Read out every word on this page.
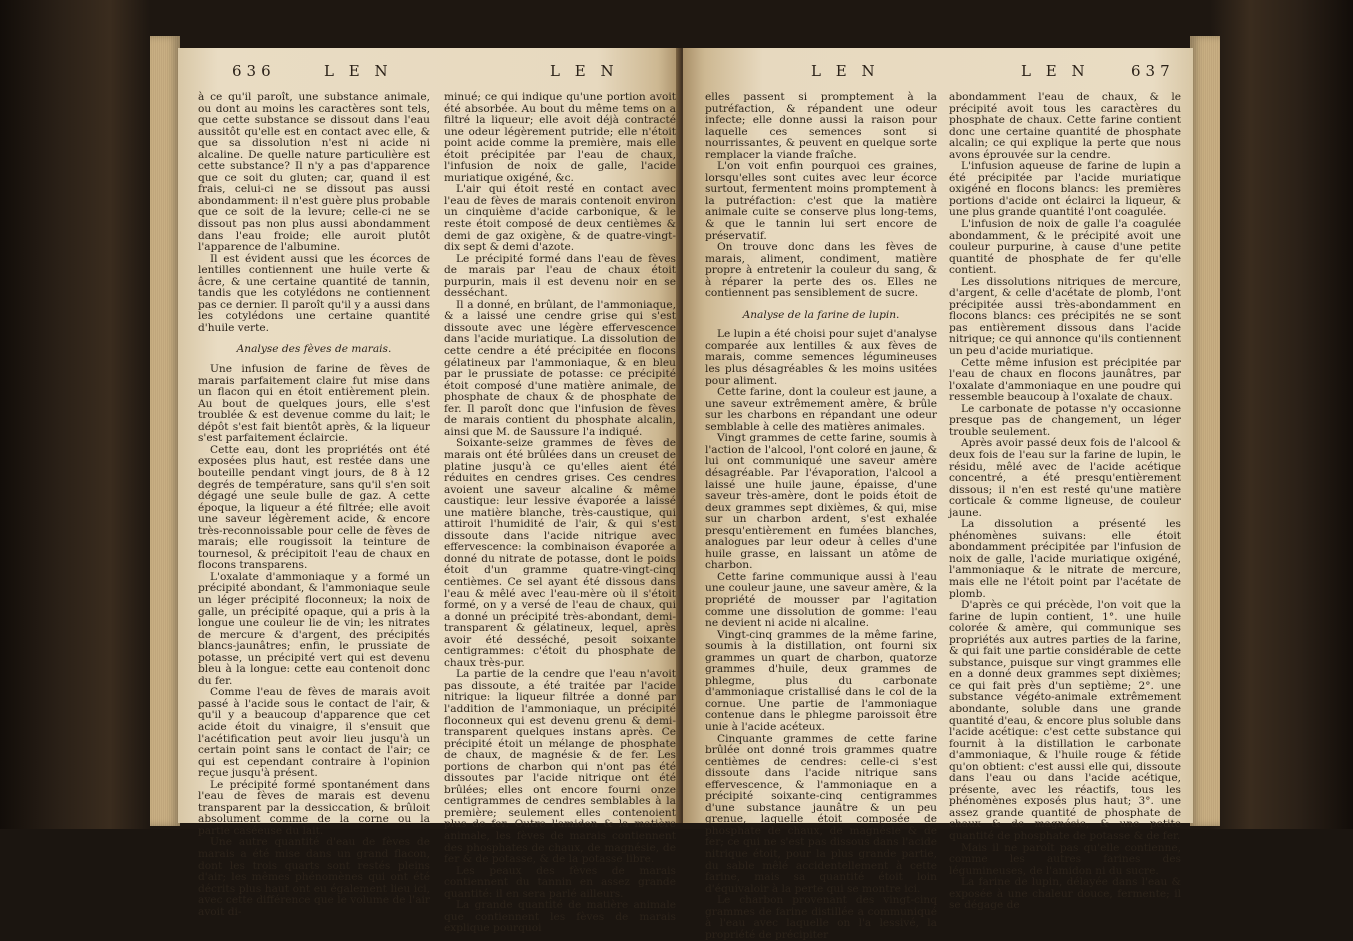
636	L E N	L E N

à ce qu'il paroît, une substance animale, ou dont au moins les caractères sont tels, que cette substance se dissout dans l'eau aussitôt qu'elle est en contact avec elle, & que sa dissolution n'est ni acide ni alcaline. De quelle nature particulière est cette substance? Il n'y a pas d'apparence que ce soit du gluten; car, quand il est frais, celui-ci ne se dissout pas aussi abondamment: il n'est guère plus probable que ce soit de la levure; celle-ci ne se dissout pas non plus aussi abondamment dans l'eau froide; elle auroit plutôt l'apparence de l'albumine.

Il est évident aussi que les écorces de lentilles contiennent une huile verte & âcre, & une certaine quantité de tannin, tandis que les cotylédons ne contiennent pas ce dernier. Il paroît qu'il y a aussi dans les cotylédons une certaine quantité d'huile verte.

Analyse des fèves de marais.

Une infusion de farine de fèves de marais parfaitement claire fut mise dans un flacon qui en étoit entièrement plein. Au bout de quelques jours, elle s'est troublée & est devenue comme du lait; le dépôt s'est fait bientôt après, & la liqueur s'est parfaitement éclaircie.

Cette eau, dont les propriétés ont été exposées plus haut, est restée dans une bouteille pendant vingt jours, de 8 à 12 degrés de température, sans qu'il s'en soit dégagé une seule bulle de gaz. A cette époque, la liqueur a été filtrée; elle avoit une saveur légèrement acide, & encore très-reconnoissable pour celle de fèves de marais; elle rougissoit la teinture de tournesol, & précipitoit l'eau de chaux en flocons transparens.

L'oxalate d'ammoniaque y a formé un précipité abondant, & l'ammoniaque seule un léger précipité floconneux; la noix de galle, un précipité opaque, qui a pris à la longue une couleur lie de vin; les nitrates de mercure & d'argent, des précipités blancs-jaunâtres; enfin, le prussiate de potasse, un précipité vert qui est devenu bleu à la longue: cette eau contenoit donc du fer.

Comme l'eau de fèves de marais avoit passé à l'acide sous le contact de l'air, & qu'il y a beaucoup d'apparence que cet acide étoit du vinaigre, il s'ensuit que l'acétification peut avoir lieu jusqu'à un certain point sans le contact de l'air; ce qui est cependant contraire à l'opinion reçue jusqu'à présent.

Le précipité formé spontanément dans l'eau de fèves de marais est devenu transparent par la dessiccation, & brûloit absolument comme de la corne ou la partie caséeuse du lait.

Une autre quantité d'eau de fèves de marais a été mise dans un grand flacon, dont les trois quarts sont restés pleins d'air; les mêmes phénomènes qui ont été décrits plus haut ont eu également lieu ici, avec cette différence que le volume de l'air avoit di-

minué; ce qui indique qu'une portion avoit été absorbée. Au bout du même tems on a filtré la liqueur; elle avoit déjà contracté une odeur légèrement putride; elle n'étoit point acide comme la première, mais elle étoit précipitée par l'eau de chaux, l'infusion de noix de galle, l'acide muriatique oxigéné, &c.

L'air qui étoit resté en contact avec l'eau de fèves de marais contenoit environ un cinquième d'acide carbonique, & le reste étoit composé de deux centièmes & demi de gaz oxigène, & de quatre-vingt-dix sept & demi d'azote.

Le précipité formé dans l'eau de fèves de marais par l'eau de chaux étoit purpurin, mais il est devenu noir en se desséchant.

Il a donné, en brûlant, de l'ammoniaque, & a laissé une cendre grise qui s'est dissoute avec une légère effervescence dans l'acide muriatique. La dissolution de cette cendre a été précipitée en flocons gélatineux par l'ammoniaque, & en bleu par le prussiate de potasse: ce précipité étoit composé d'une matière animale, de phosphate de chaux & de phosphate de fer. Il paroît donc que l'infusion de fèves de marais contient du phosphate alcalin, ainsi que M. de Saussure l'a indiqué.

Soixante-seize grammes de fèves de marais ont été brûlées dans un creuset de platine jusqu'à ce qu'elles aient été réduites en cendres grises. Ces cendres avoient une saveur alcaline & même caustique: leur lessive évaporée a laissé une matière blanche, très-caustique, qui attiroit l'humidité de l'air, & qui s'est dissoute dans l'acide nitrique avec effervescence: la combinaison évaporée a donné du nitrate de potasse, dont le poids étoit d'un gramme quatre-vingt-cinq centièmes. Ce sel ayant été dissous dans l'eau & mêlé avec l'eau-mère où il s'étoit formé, on y a versé de l'eau de chaux, qui a donné un précipité très-abondant, demi-transparent & gélatineux, lequel, après avoir été desséché, pesoit soixante centigrammes: c'étoit du phosphate de chaux très-pur.

La partie de la cendre que l'eau n'avoit pas dissoute, a été traitée par l'acide nitrique: la liqueur filtrée a donné par l'addition de l'ammoniaque, un précipité floconneux qui est devenu grenu & demi-transparent quelques instans après. Ce précipité étoit un mélange de phosphate de chaux, de magnésie & de fer. Les portions de charbon qui n'ont pas été dissoutes par l'acide nitrique ont été brûlées; elles ont encore fourni onze centigrammes de cendres semblables à la première; seulement elles contenoient plus de fer. Outre l'amidon & la matière animale, les fèves de marais contiennent des phosphates de chaux, de magnésie, de fer & de potasse, & de la potasse libre.

Les peaux des fèves de marais contiennent du tannin en assez grande quantité: il en sera parlé ailleurs.

La grande quantité de matière animale que contiennent les fèves de marais explique pourquoi

L E N	L E N	637

elles passent si promptement à la putréfaction, & répandent une odeur infecte; elle donne aussi la raison pour laquelle ces semences sont si nourrissantes, & peuvent en quelque sorte remplacer la viande fraîche.

L'on voit enfin pourquoi ces graines, lorsqu'elles sont cuites avec leur écorce surtout, fermentent moins promptement à la putréfaction: c'est que la matière animale cuite se conserve plus long-tems, & que le tannin lui sert encore de préservatif.

On trouve donc dans les fèves de marais, aliment, condiment, matière propre à entretenir la couleur du sang, & à réparer la perte des os. Elles ne contiennent pas sensiblement de sucre.

Analyse de la farine de lupin.

Le lupin a été choisi pour sujet d'analyse comparée aux lentilles & aux fèves de marais, comme semences légumineuses les plus désagréables & les moins usitées pour aliment.

Cette farine, dont la couleur est jaune, a une saveur extrêmement amère, & brûle sur les charbons en répandant une odeur semblable à celle des matières animales.

Vingt grammes de cette farine, soumis à l'action de l'alcool, l'ont coloré en jaune, & lui ont communiqué une saveur amère désagréable. Par l'évaporation, l'alcool a laissé une huile jaune, épaisse, d'une saveur très-amère, dont le poids étoit de deux grammes sept dixièmes, & qui, mise sur un charbon ardent, s'est exhalée presqu'entièrement en fumées blanches, analogues par leur odeur à celles d'une huile grasse, en laissant un atôme de charbon.

Cette farine communique aussi à l'eau une couleur jaune, une saveur amère, & la propriété de mousser par l'agitation comme une dissolution de gomme: l'eau ne devient ni acide ni alcaline.

Vingt-cinq grammes de la même farine, soumis à la distillation, ont fourni six grammes un quart de charbon, quatorze grammes d'huile, deux grammes de phlegme, plus du carbonate d'ammoniaque cristallisé dans le col de la cornue. Une partie de l'ammoniaque contenue dans le phlegme paroissoit être unie à l'acide acéteux.

Cinquante grammes de cette farine brûlée ont donné trois grammes quatre centièmes de cendres: celle-ci s'est dissoute dans l'acide nitrique sans effervescence, & l'ammoniaque en a précipité soixante-cinq centigrammes d'une substance jaunâtre & un peu grenue, laquelle étoit composée de phosphate de chaux, de magnésie & de fer; ce qui ne s'est pas dissous dans l'acide nitrique étoit, pour la plus grande partie, du sable mêlé accidentellement à cette farine, mais sa quantité étoit loin d'équivaloir à la perte qui se montre ici.

Le charbon provenant des vingt-cinq grammes de farine distillée a communiqué à l'eau avec laquelle on l'a lessivé, la propriété de précipiter

abondamment l'eau de chaux, & le précipité avoit tous les caractères du phosphate de chaux. Cette farine contient donc une certaine quantité de phosphate alcalin; ce qui explique la perte que nous avons éprouvée sur la cendre.

L'infusion aqueuse de farine de lupin a été précipitée par l'acide muriatique oxigéné en flocons blancs: les premières portions d'acide ont éclairci la liqueur, & une plus grande quantité l'ont coagulée.

L'infusion de noix de galle l'a coagulée abondamment, & le précipité avoit une couleur purpurine, à cause d'une petite quantité de phosphate de fer qu'elle contient.

Les dissolutions nitriques de mercure, d'argent, & celle d'acétate de plomb, l'ont précipitée aussi très-abondamment en flocons blancs: ces précipités ne se sont pas entièrement dissous dans l'acide nitrique; ce qui annonce qu'ils contiennent un peu d'acide muriatique.

Cette même infusion est précipitée par l'eau de chaux en flocons jaunâtres, par l'oxalate d'ammoniaque en une poudre qui ressemble beaucoup à l'oxalate de chaux.

Le carbonate de potasse n'y occasionne presque pas de changement, un léger trouble seulement.

Après avoir passé deux fois de l'alcool & deux fois de l'eau sur la farine de lupin, le résidu, mêlé avec de l'acide acétique concentré, a été presqu'entièrement dissous; il n'en est resté qu'une matière corticale & comme ligneuse, de couleur jaune.

La dissolution a présenté les phénomènes suivans: elle étoit abondamment précipitée par l'infusion de noix de galle, l'acide muriatique oxigéné, l'ammoniaque & le nitrate de mercure, mais elle ne l'étoit point par l'acétate de plomb.

D'après ce qui précède, l'on voit que la farine de lupin contient, 1°. une huile colorée & amère, qui communique ses propriétés aux autres parties de la farine, & qui fait une partie considérable de cette substance, puisque sur vingt grammes elle en a donné deux grammes sept dixièmes; ce qui fait près d'un septième; 2°. une substance végéto-animale extrêmement abondante, soluble dans une grande quantité d'eau, & encore plus soluble dans l'acide acétique: c'est cette substance qui fournit à la distillation le carbonate d'ammoniaque, & l'huile rouge & fétide qu'on obtient: c'est aussi elle qui, dissoute dans l'eau ou dans l'acide acétique, présente, avec les réactifs, tous les phénomènes exposés plus haut; 3°. une assez grande quantité de phosphate de chaux & de magnésie, & une petite quantité de phosphate de potasse & de fer.

Mais il ne paroît pas qu'elle contienne, comme les autres farines des légumineuses, de l'amidon ni du sucre.

La farine de lupin, délayée dans l'eau & exposée à une chaleur douce, fermente; il se dégage de
